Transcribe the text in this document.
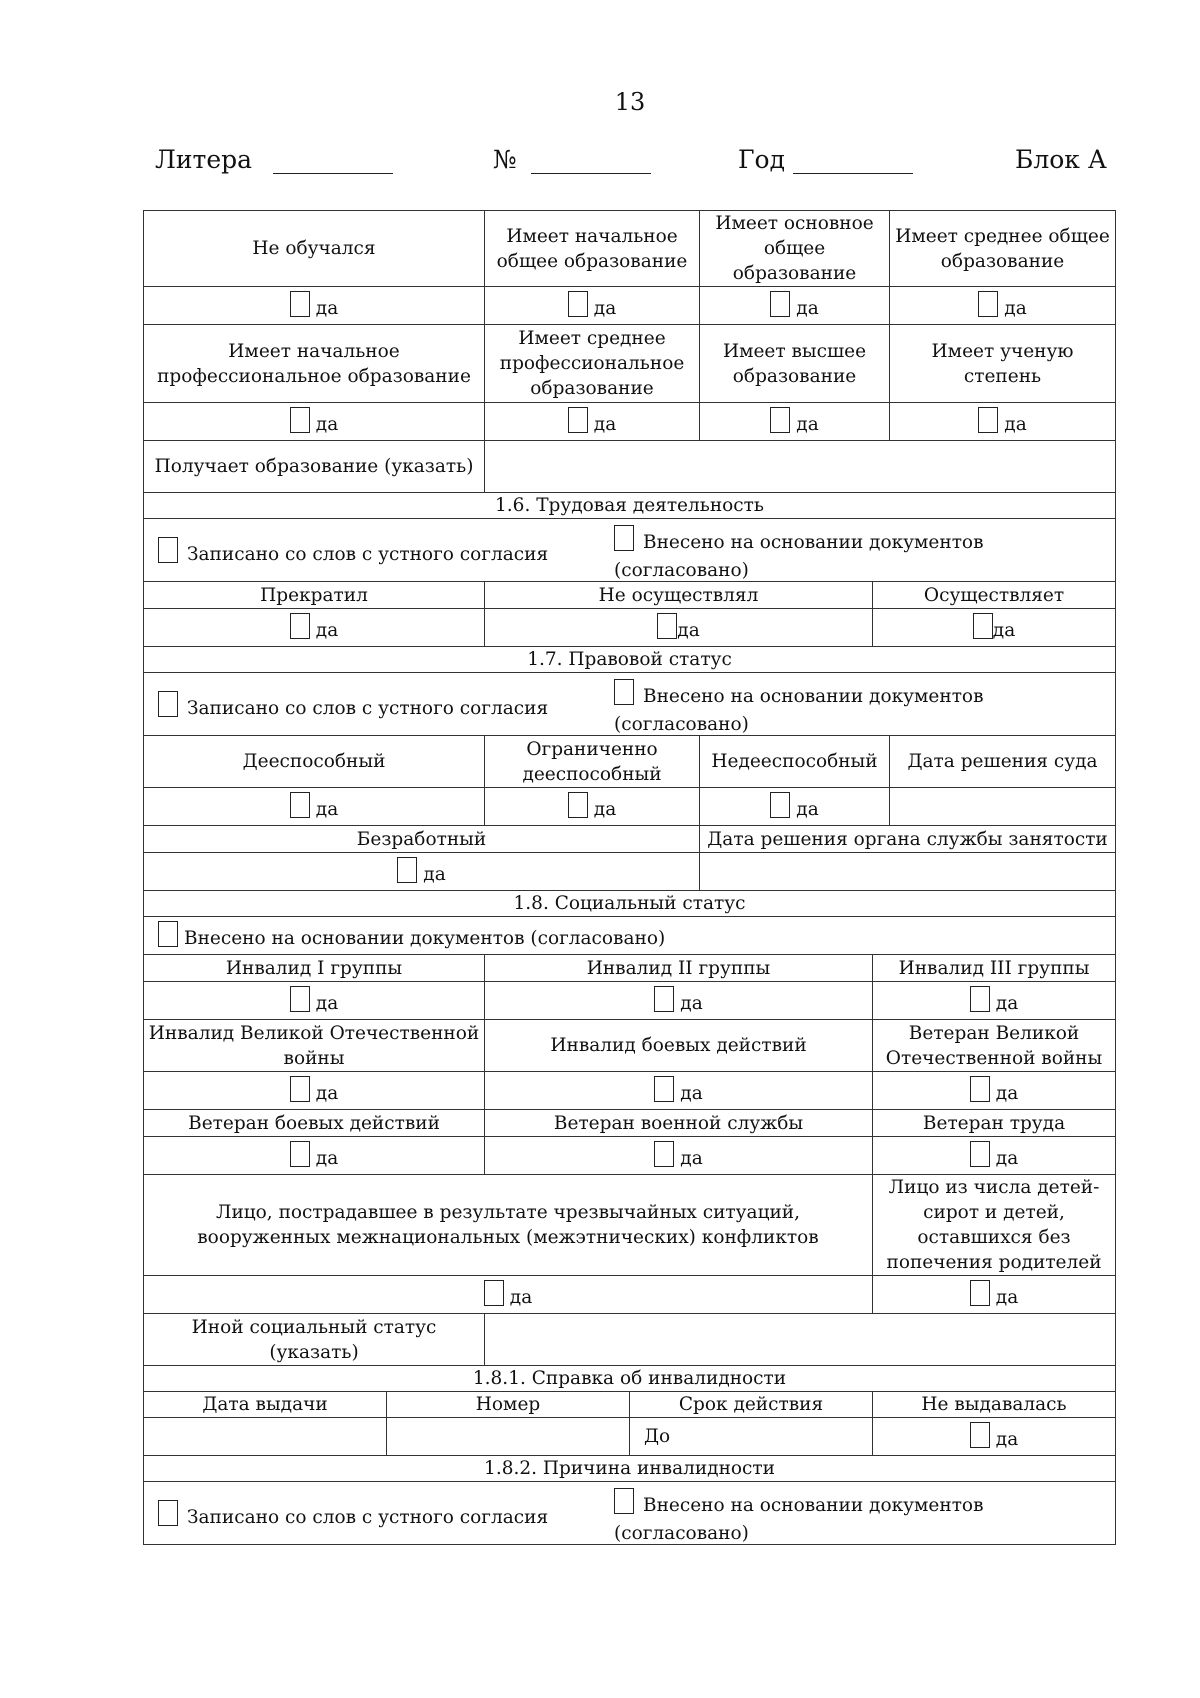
13
Литера	№	Год	Блок А
Не обучался		Имеет начальное общее образование		Имеет основное общее образование		Имеет среднее общее образование
да		да		да		да
Имеет начальное профессиональное образование		Имеет среднее профессиональное образование		Имеет высшее образование		Имеет ученую степень
да		да		да		да
Получает образование (указать)						
1.6. Трудовая деятельность						

Записано со слов с устного согласия
Внесено на основании документов
(согласовано)						

Прекратил		Не осуществлял			Осуществляет	
да		да			да	
1.7. Правовой статус						

Записано со слов с устного согласия
Внесено на основании документов
(согласовано)						

Дееспособный		Ограниченно дееспособный		Недееспособный		Дата решения суда
да		да		да		
Безработный				Дата решения органа службы занятости		
да						
1.8. Социальный статус						
Внесено на основании документов (согласовано)						
Инвалид I группы		Инвалид II группы			Инвалид III группы	
да		да			да	
Инвалид Великой Отечественной войны		Инвалид боевых действий			Ветеран Великой Отечественной войны	
да		да			да	
Ветеран боевых действий		Ветеран военной службы			Ветеран труда	
да		да			да	
Лицо, пострадавшее в результате чрезвычайных ситуаций, вооруженных межнациональных (межэтнических) конфликтов					Лицо из числа детей-сирот и детей, оставшихся без попечения родителей	
да					да	
Иной социальный статус (указать)						
1.8.1. Справка об инвалидности						
Дата выдачи	Номер		Срок действия		Не выдавалась	
			До		да	
1.8.2. Причина инвалидности						

Записано со слов с устного согласия
Внесено на основании документов
(согласовано)						
